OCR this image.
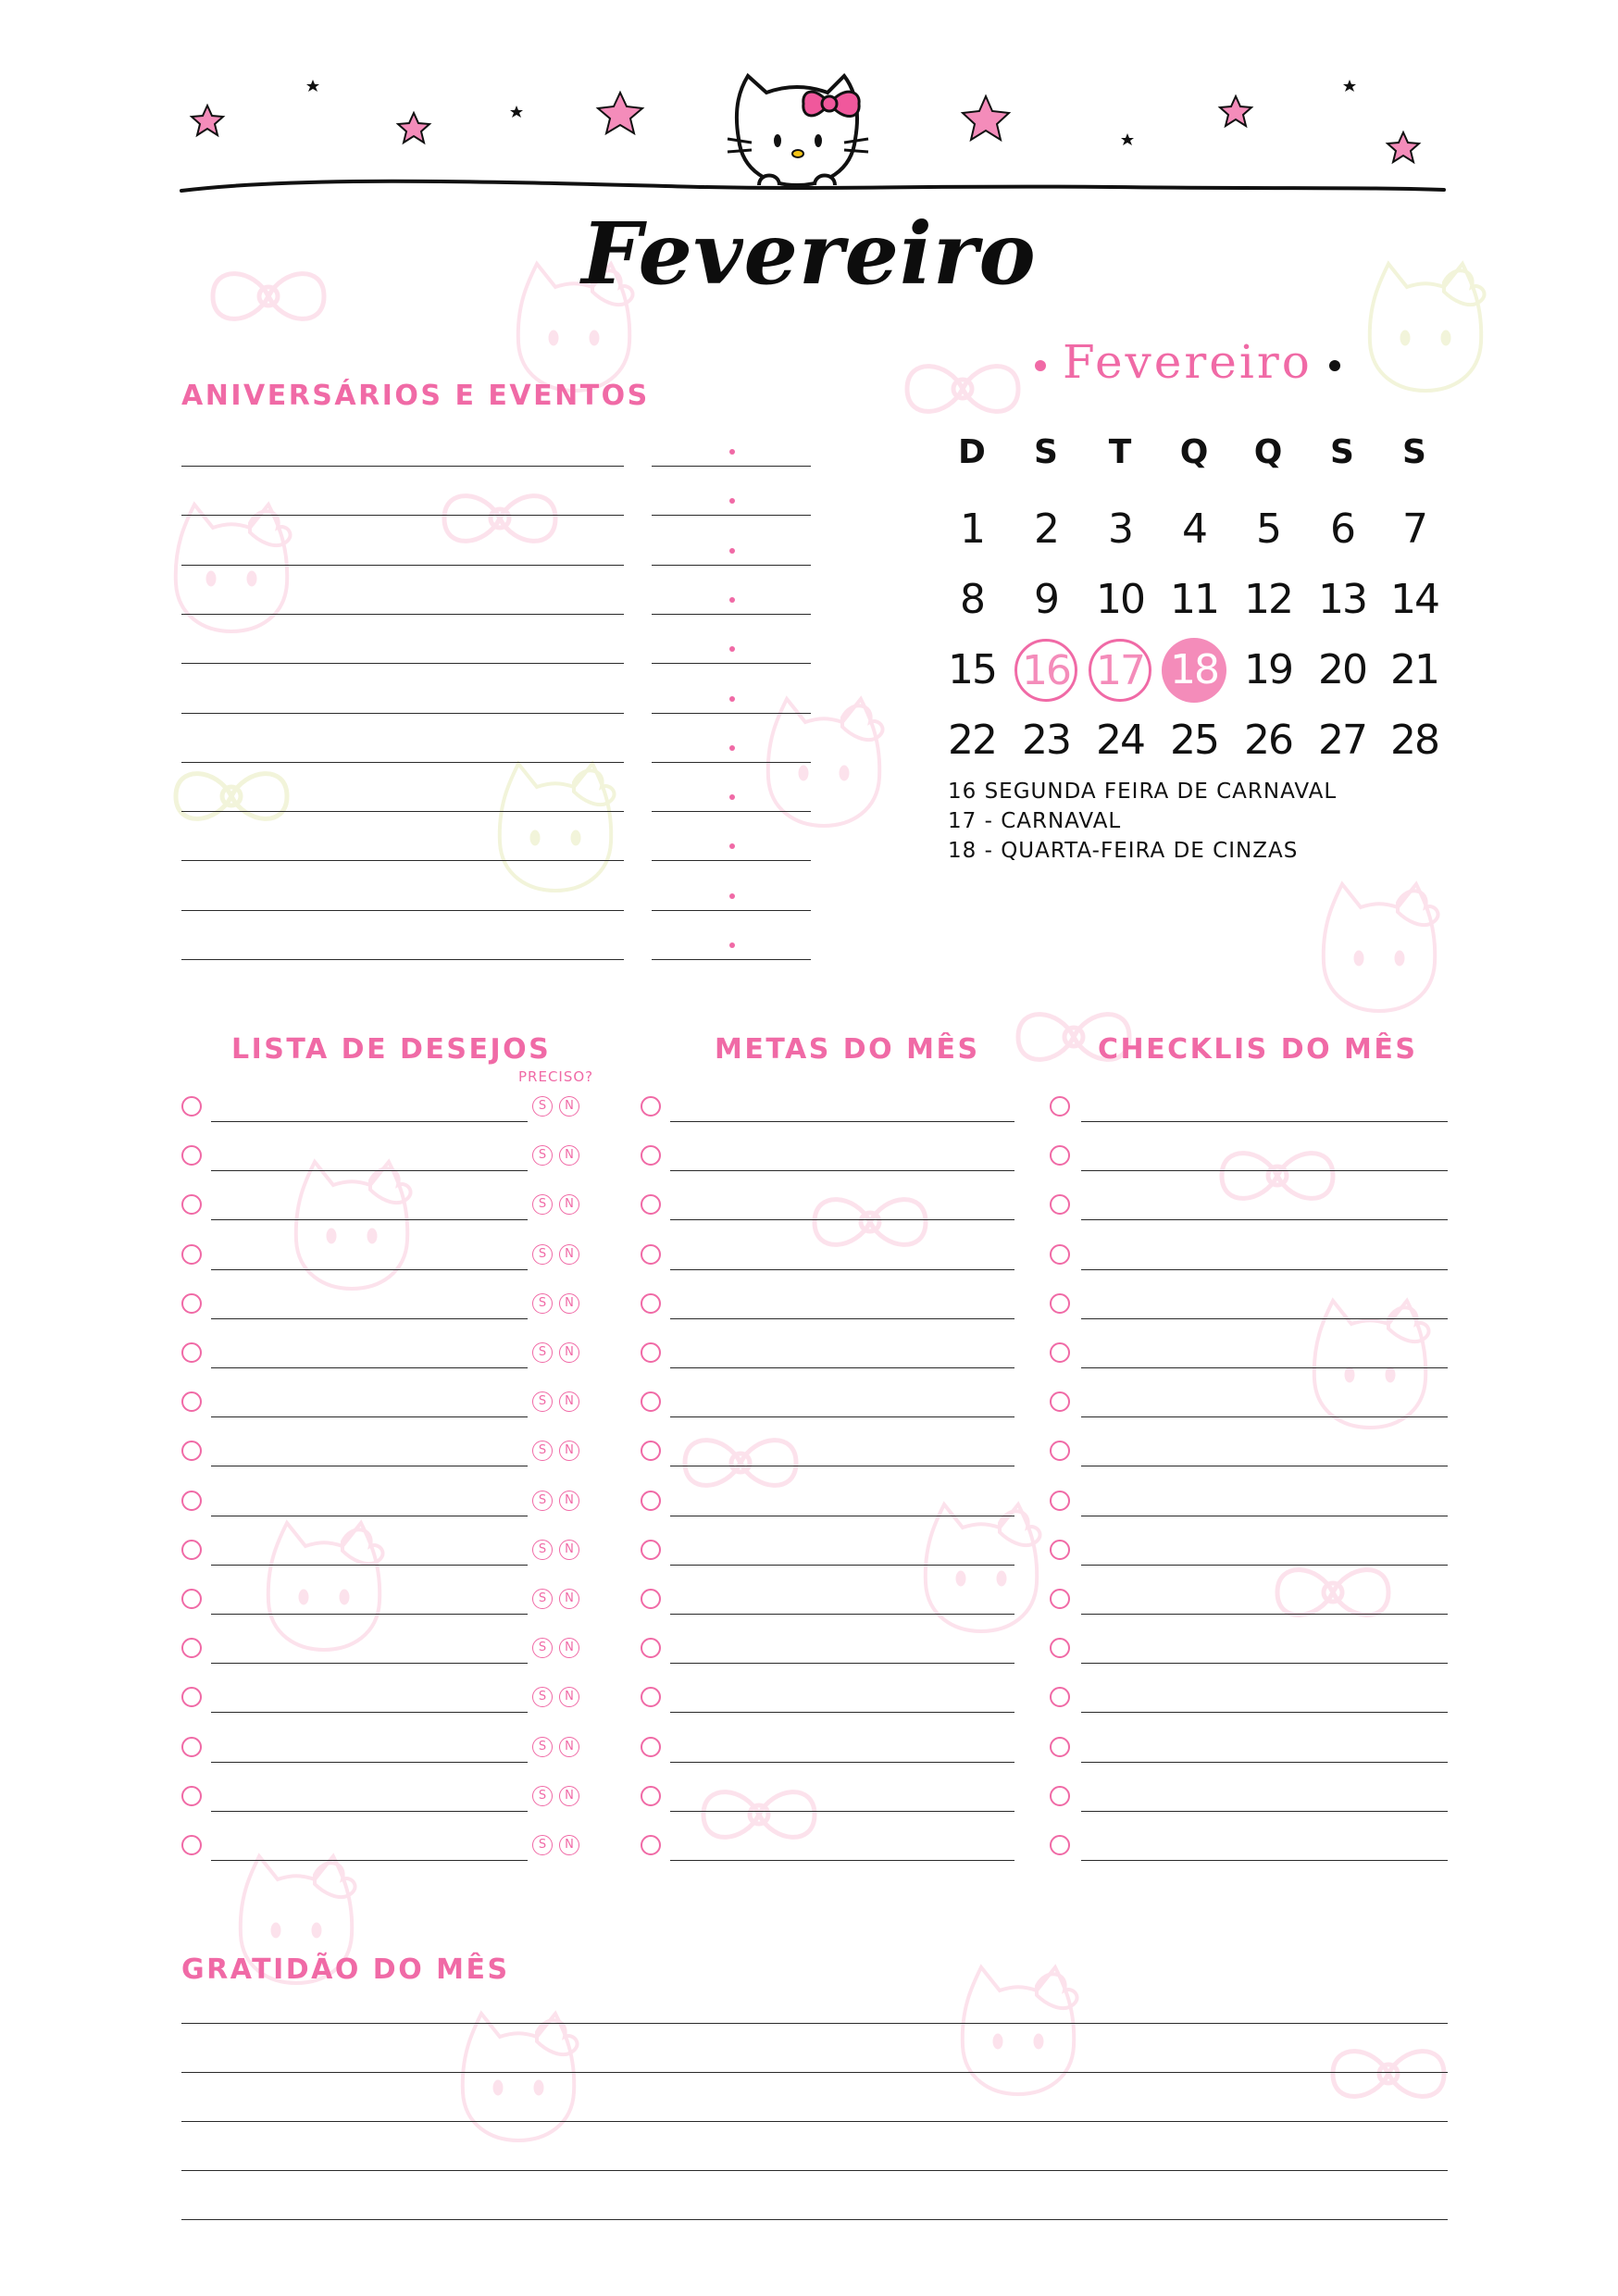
Fevereiro
ANIVERSÁRIOS E EVENTOS
Fevereiro
D	S	T	Q	Q	S	S
1	2	3	4	5	6	7
8	9 10 11 12 13 14
15 16 17 18 19 20 21
22 23 24 25 26 27 28
16 SEGUNDA FEIRA DE CARNAVAL
17 - CARNAVAL
18 - QUARTA-FEIRA DE CINZAS
LISTA DE DESEJOS
PRECISO?
METAS DO MÊS	CHECKLIS DO MÊS
S	N
S	N
S	N
S	N
S	N
S	N
S	N
S	N
S	N
S	N
S	N
S	N
S	N
S	N
S	N
S	N
GRATIDÃO DO MÊS
